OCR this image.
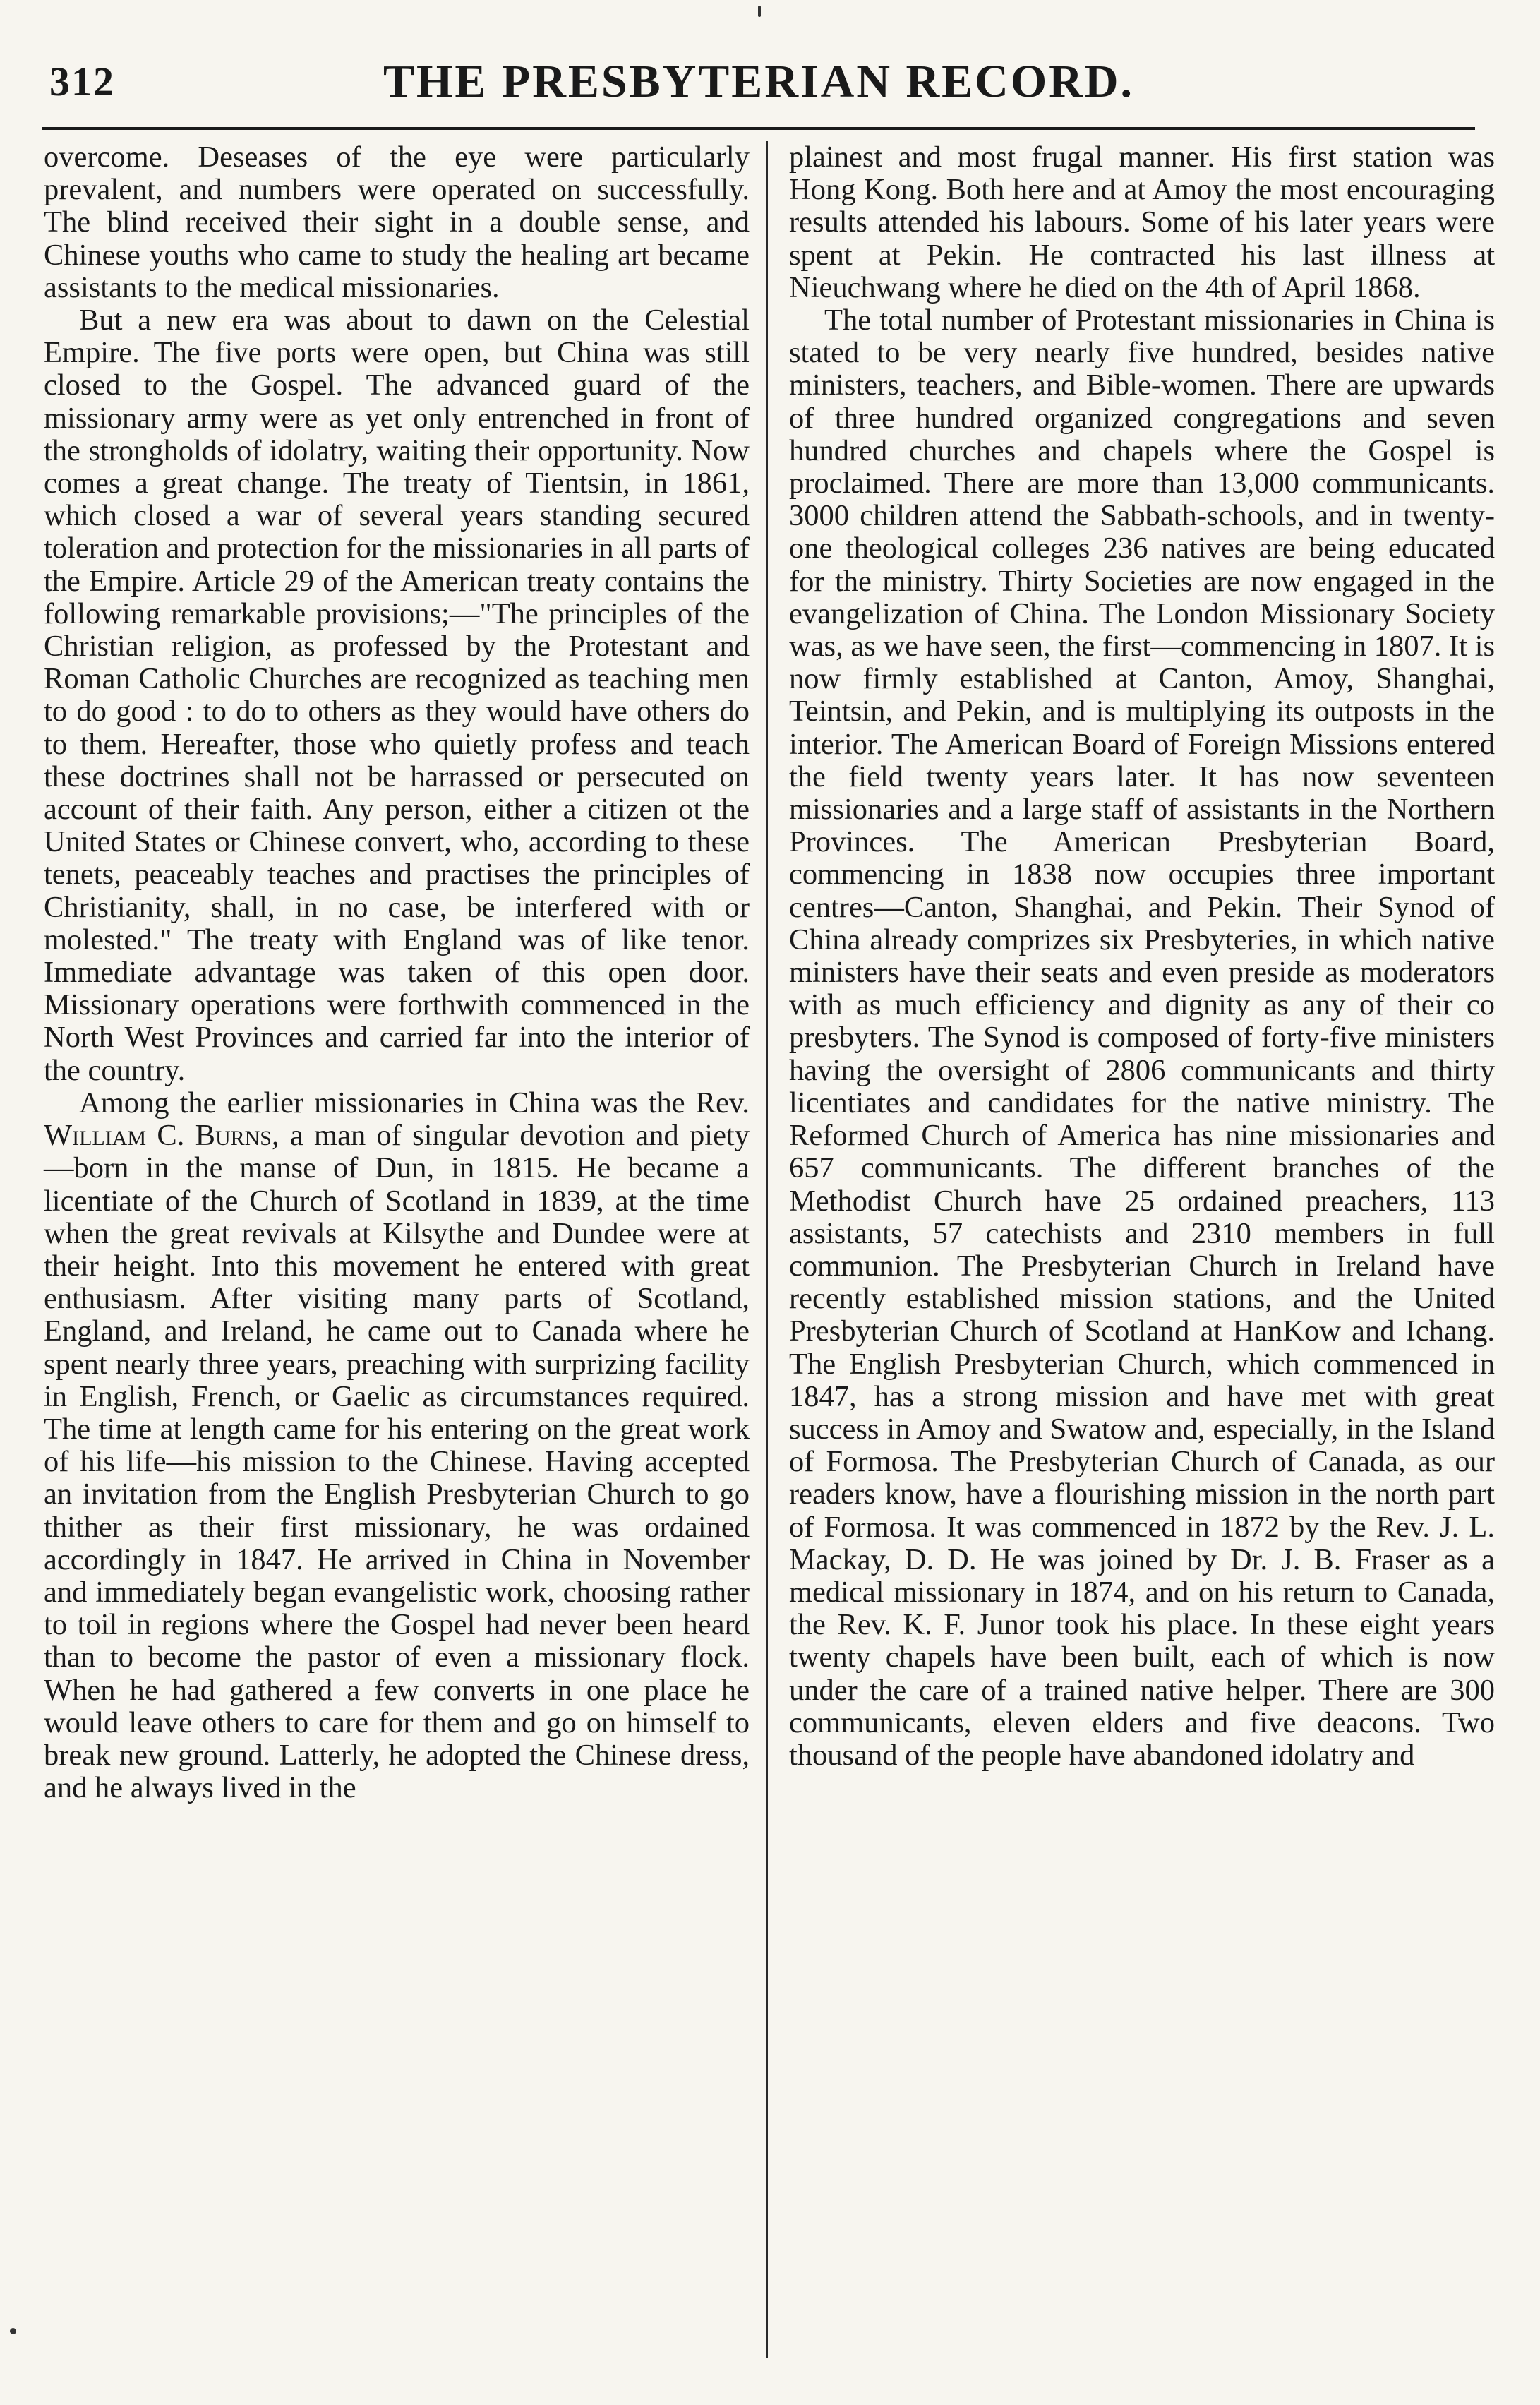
312	THE PRESBYTERIAN RECORD.

overcome. Deseases of the eye were particularly prevalent, and numbers were operated on successfully. The blind received their sight in a double sense, and Chinese youths who came to study the healing art became assistants to the medical missionaries.

But a new era was about to dawn on the Celestial Empire. The five ports were open, but China was still closed to the Gospel. The advanced guard of the missionary army were as yet only entrenched in front of the strongholds of idolatry, waiting their opportunity. Now comes a great change. The treaty of Tientsin, in 1861, which closed a war of several years standing secured toleration and protection for the missionaries in all parts of the Empire. Article 29 of the American treaty contains the following remarkable provisions;—"The principles of the Christian religion, as professed by the Protestant and Roman Catholic Churches are recognized as teaching men to do good : to do to others as they would have others do to them. Hereafter, those who quietly profess and teach these doctrines shall not be harrassed or persecuted on account of their faith. Any person, either a citizen ot the United States or Chinese convert, who, according to these tenets, peaceably teaches and practises the principles of Christianity, shall, in no case, be interfered with or molested." The treaty with England was of like tenor. Immediate advantage was taken of this open door. Missionary operations were forthwith commenced in the North West Provinces and carried far into the interior of the country.

Among the earlier missionaries in China was the Rev. William C. Burns, a man of singular devotion and piety—born in the manse of Dun, in 1815. He became a licentiate of the Church of Scotland in 1839, at the time when the great revivals at Kilsythe and Dundee were at their height. Into this movement he entered with great enthusiasm. After visiting many parts of Scotland, England, and Ireland, he came out to Canada where he spent nearly three years, preaching with surprizing facility in English, French, or Gaelic as circumstances required. The time at length came for his entering on the great work of his life—his mission to the Chinese. Having accepted an invitation from the English Presbyterian Church to go thither as their first missionary, he was ordained accordingly in 1847. He arrived in China in November and immediately began evangelistic work, choosing rather to toil in regions where the Gospel had never been heard than to become the pastor of even a missionary flock. When he had gathered a few converts in one place he would leave others to care for them and go on himself to break new ground. Latterly, he adopted the Chinese dress, and he always lived in the

plainest and most frugal manner. His first station was Hong Kong. Both here and at Amoy the most encouraging results attended his labours. Some of his later years were spent at Pekin. He contracted his last illness at Nieuchwang where he died on the 4th of April 1868.

The total number of Protestant missionaries in China is stated to be very nearly five hundred, besides native ministers, teachers, and Bible-women. There are upwards of three hundred organized congregations and seven hundred churches and chapels where the Gospel is proclaimed. There are more than 13,000 communicants. 3000 children attend the Sabbath-schools, and in twenty-one theological colleges 236 natives are being educated for the ministry. Thirty Societies are now engaged in the evangelization of China. The London Missionary Society was, as we have seen, the first—commencing in 1807. It is now firmly established at Canton, Amoy, Shanghai, Teintsin, and Pekin, and is multiplying its outposts in the interior. The American Board of Foreign Missions entered the field twenty years later. It has now seventeen missionaries and a large staff of assistants in the Northern Provinces. The American Presbyterian Board, commencing in 1838 now occupies three important centres—Canton, Shanghai, and Pekin. Their Synod of China already comprizes six Presbyteries, in which native ministers have their seats and even preside as moderators with as much efficiency and dignity as any of their co presbyters. The Synod is composed of forty-five ministers having the oversight of 2806 communicants and thirty licentiates and candidates for the native ministry. The Reformed Church of America has nine missionaries and 657 communicants. The different branches of the Methodist Church have 25 ordained preachers, 113 assistants, 57 catechists and 2310 members in full communion. The Presbyterian Church in Ireland have recently established mission stations, and the United Presbyterian Church of Scotland at HanKow and Ichang. The English Presbyterian Church, which commenced in 1847, has a strong mission and have met with great success in Amoy and Swatow and, especially, in the Island of Formosa. The Presbyterian Church of Canada, as our readers know, have a flourishing mission in the north part of Formosa. It was commenced in 1872 by the Rev. J. L. Mackay, D. D. He was joined by Dr. J. B. Fraser as a medical missionary in 1874, and on his return to Canada, the Rev. K. F. Junor took his place. In these eight years twenty chapels have been built, each of which is now under the care of a trained native helper. There are 300 communicants, eleven elders and five deacons. Two thousand of the people have abandoned idolatry and
